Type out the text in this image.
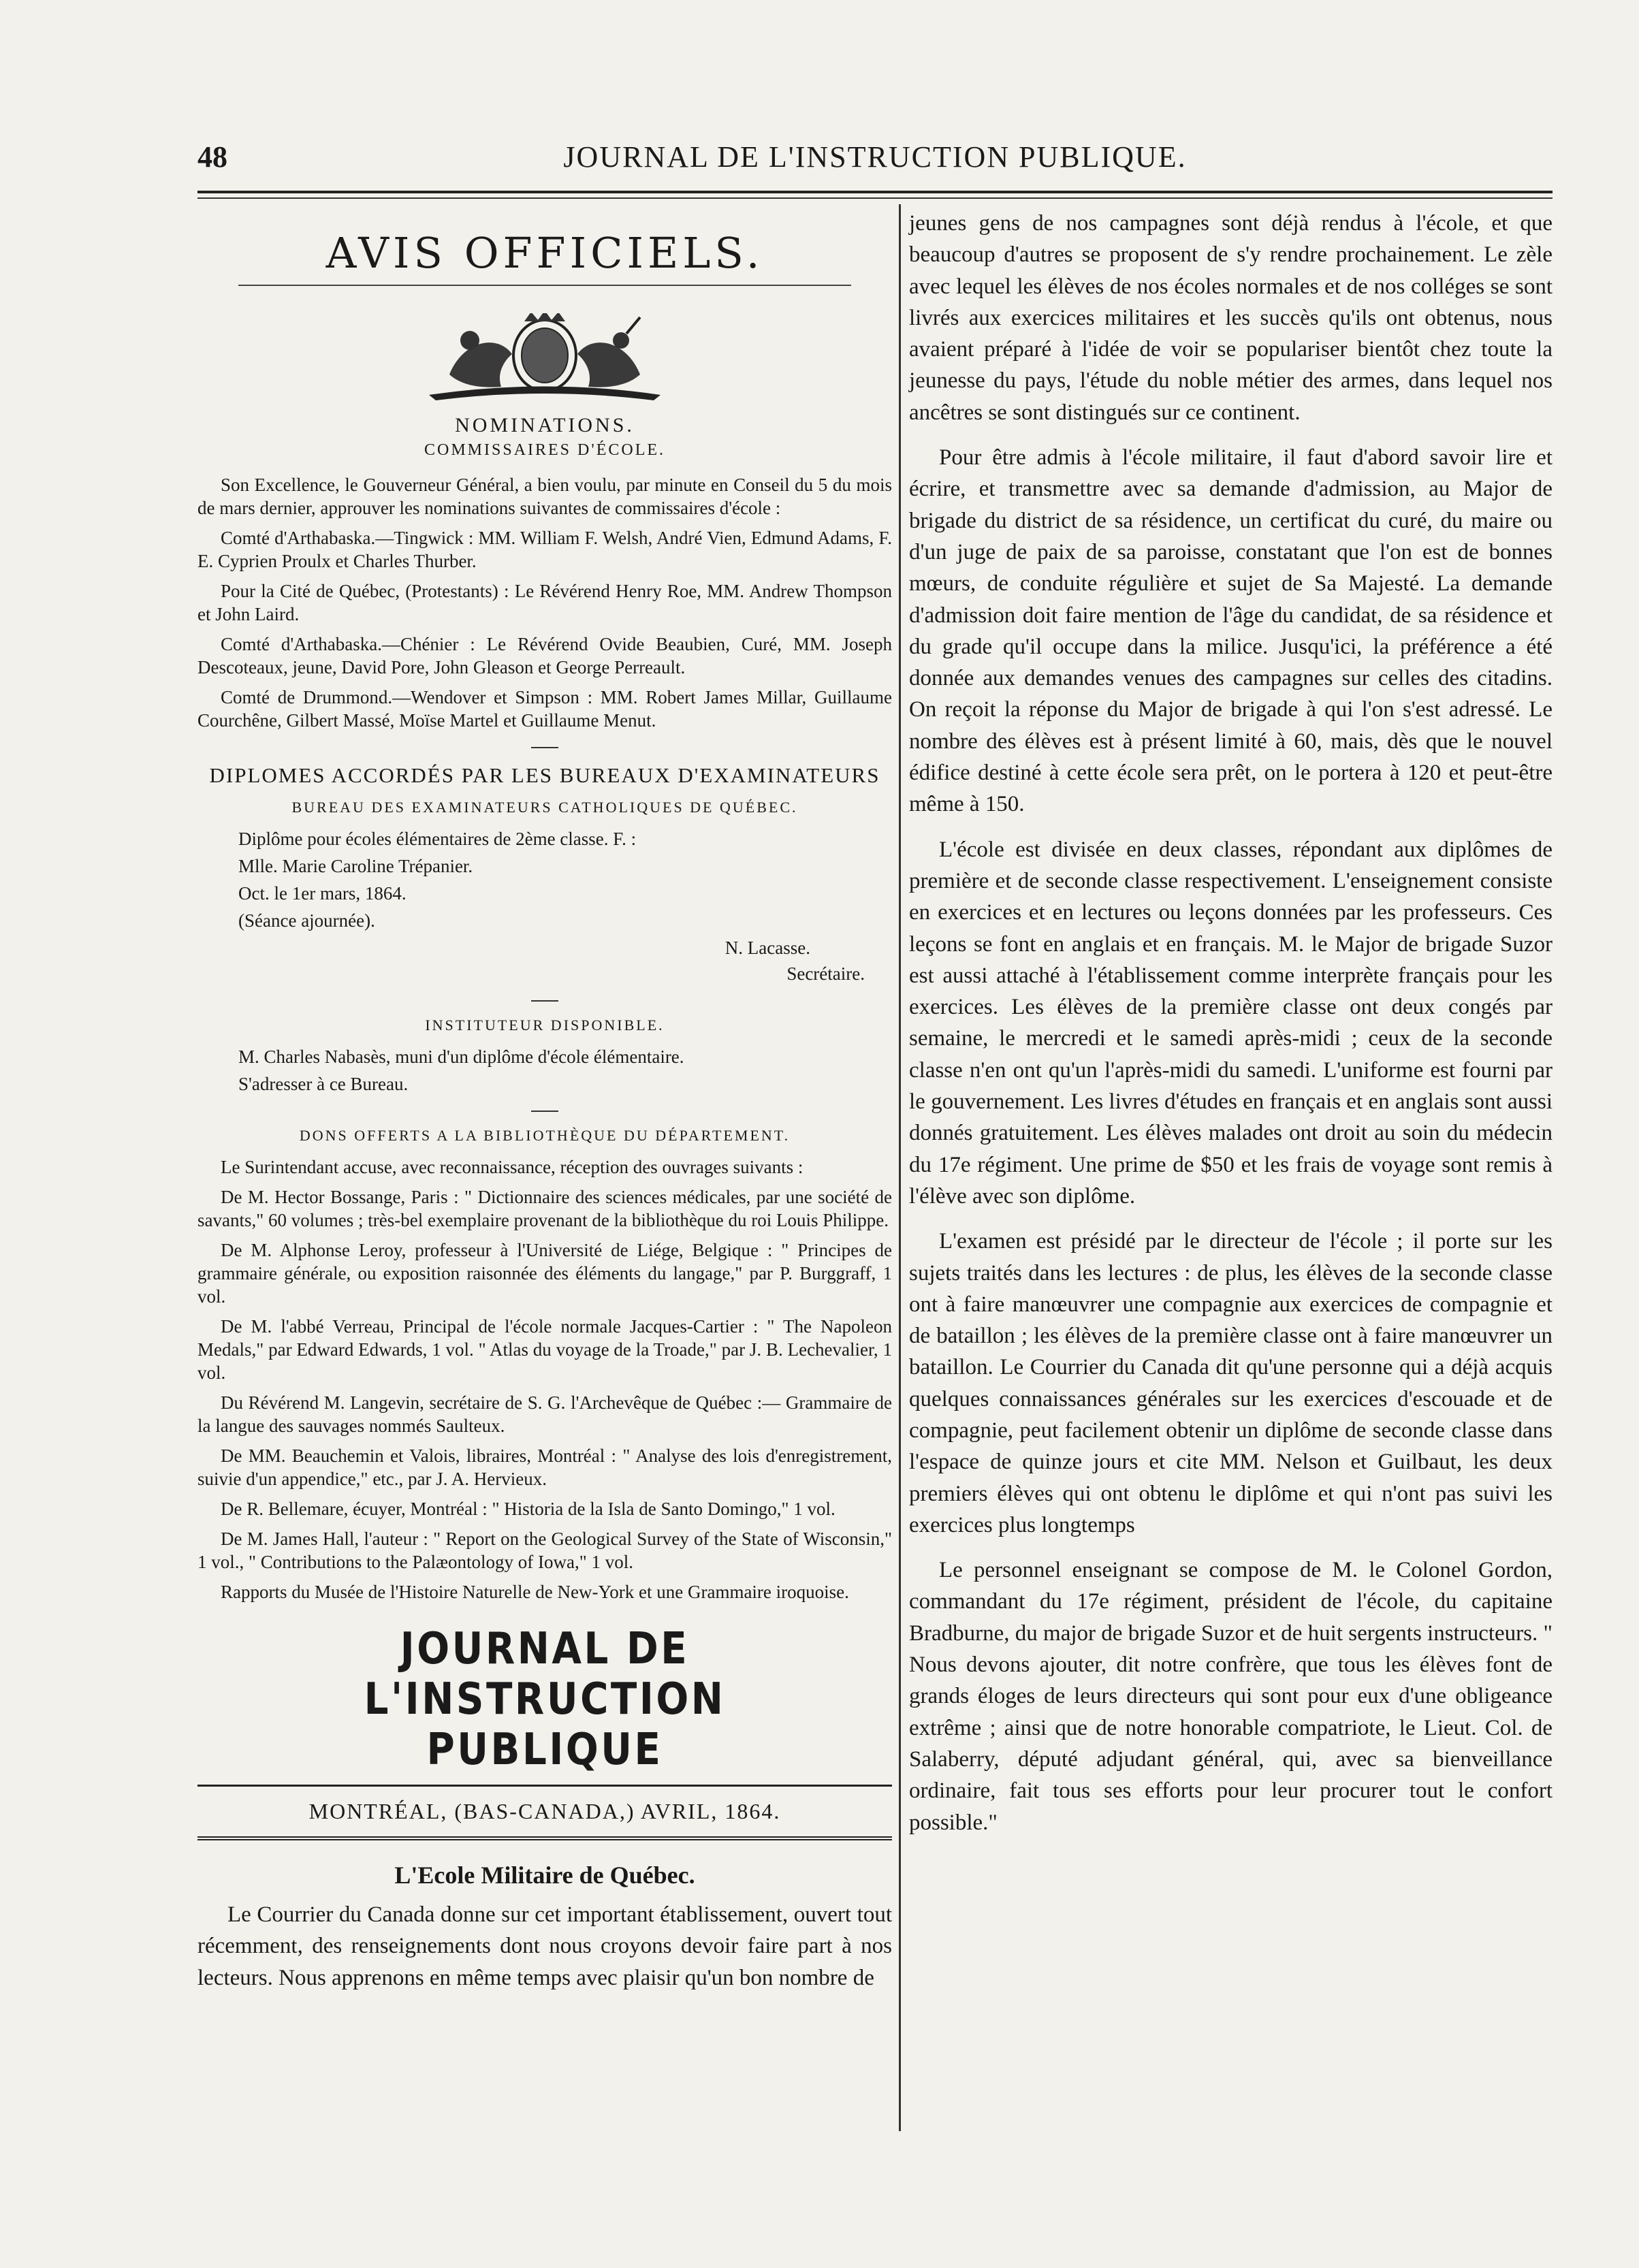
48	JOURNAL DE L'INSTRUCTION PUBLIQUE.
AVIS OFFICIELS.
NOMINATIONS.
COMMISSAIRES D'ÉCOLE.

Son Excellence, le Gouverneur Général, a bien voulu, par minute en Conseil du 5 du mois de mars dernier, approuver les nominations suivantes de commissaires d'école :

Comté d'Arthabaska.—Tingwick : MM. William F. Welsh, André Vien, Edmund Adams, F. E. Cyprien Proulx et Charles Thurber.

Pour la Cité de Québec, (Protestants) : Le Révérend Henry Roe, MM. Andrew Thompson et John Laird.

Comté d'Arthabaska.—Chénier : Le Révérend Ovide Beaubien, Curé, MM. Joseph Descoteaux, jeune, David Pore, John Gleason et George Perreault.

Comté de Drummond.—Wendover et Simpson : MM. Robert James Millar, Guillaume Courchêne, Gilbert Massé, Moïse Martel et Guillaume Menut.

DIPLOMES ACCORDÉS PAR LES BUREAUX D'EXAMINATEURS
BUREAU DES EXAMINATEURS CATHOLIQUES DE QUÉBEC.
Diplôme pour écoles élémentaires de 2ème classe. F. :
Mlle. Marie Caroline Trépanier.
Oct. le 1er mars, 1864.
(Séance ajournée).
N. Lacasse.
Secrétaire.
INSTITUTEUR DISPONIBLE.
M. Charles Nabasès, muni d'un diplôme d'école élémentaire.
S'adresser à ce Bureau.
DONS OFFERTS A LA BIBLIOTHÈQUE DU DÉPARTEMENT.

Le Surintendant accuse, avec reconnaissance, réception des ouvrages suivants :

De M. Hector Bossange, Paris : " Dictionnaire des sciences médicales, par une société de savants," 60 volumes ; très-bel exemplaire provenant de la bibliothèque du roi Louis Philippe.

De M. Alphonse Leroy, professeur à l'Université de Liége, Belgique : " Principes de grammaire générale, ou exposition raisonnée des éléments du langage," par P. Burggraff, 1 vol.

De M. l'abbé Verreau, Principal de l'école normale Jacques-Cartier : " The Napoleon Medals," par Edward Edwards, 1 vol. " Atlas du voyage de la Troade," par J. B. Lechevalier, 1 vol.

Du Révérend M. Langevin, secrétaire de S. G. l'Archevêque de Québec :— Grammaire de la langue des sauvages nommés Saulteux.

De MM. Beauchemin et Valois, libraires, Montréal : " Analyse des lois d'enregistrement, suivie d'un appendice," etc., par J. A. Hervieux.

De R. Bellemare, écuyer, Montréal : " Historia de la Isla de Santo Domingo," 1 vol.

De M. James Hall, l'auteur : " Report on the Geological Survey of the State of Wisconsin," 1 vol., " Contributions to the Palæontology of Iowa," 1 vol.

Rapports du Musée de l'Histoire Naturelle de New-York et une Grammaire iroquoise.

JOURNAL DE L'INSTRUCTION PUBLIQUE
MONTRÉAL, (BAS-CANADA,) AVRIL, 1864.
L'Ecole Militaire de Québec.

Le Courrier du Canada donne sur cet important établissement, ouvert tout récemment, des renseignements dont nous croyons devoir faire part à nos lecteurs. Nous apprenons en même temps avec plaisir qu'un bon nombre de

jeunes gens de nos campagnes sont déjà rendus à l'école, et que beaucoup d'autres se proposent de s'y rendre prochainement. Le zèle avec lequel les élèves de nos écoles normales et de nos colléges se sont livrés aux exercices militaires et les succès qu'ils ont obtenus, nous avaient préparé à l'idée de voir se populariser bientôt chez toute la jeunesse du pays, l'étude du noble métier des armes, dans lequel nos ancêtres se sont distingués sur ce continent.

Pour être admis à l'école militaire, il faut d'abord savoir lire et écrire, et transmettre avec sa demande d'admission, au Major de brigade du district de sa résidence, un certificat du curé, du maire ou d'un juge de paix de sa paroisse, constatant que l'on est de bonnes mœurs, de conduite régulière et sujet de Sa Majesté. La demande d'admission doit faire mention de l'âge du candidat, de sa résidence et du grade qu'il occupe dans la milice. Jusqu'ici, la préférence a été donnée aux demandes venues des campagnes sur celles des citadins. On reçoit la réponse du Major de brigade à qui l'on s'est adressé. Le nombre des élèves est à présent limité à 60, mais, dès que le nouvel édifice destiné à cette école sera prêt, on le portera à 120 et peut-être même à 150.

L'école est divisée en deux classes, répondant aux diplômes de première et de seconde classe respectivement. L'enseignement consiste en exercices et en lectures ou leçons données par les professeurs. Ces leçons se font en anglais et en français. M. le Major de brigade Suzor est aussi attaché à l'établissement comme interprète français pour les exercices. Les élèves de la première classe ont deux congés par semaine, le mercredi et le samedi après-midi ; ceux de la seconde classe n'en ont qu'un l'après-midi du samedi. L'uniforme est fourni par le gouvernement. Les livres d'études en français et en anglais sont aussi donnés gratuitement. Les élèves malades ont droit au soin du médecin du 17e régiment. Une prime de $50 et les frais de voyage sont remis à l'élève avec son diplôme.

L'examen est présidé par le directeur de l'école ; il porte sur les sujets traités dans les lectures : de plus, les élèves de la seconde classe ont à faire manœuvrer une compagnie aux exercices de compagnie et de bataillon ; les élèves de la première classe ont à faire manœuvrer un bataillon. Le Courrier du Canada dit qu'une personne qui a déjà acquis quelques connaissances générales sur les exercices d'escouade et de compagnie, peut facilement obtenir un diplôme de seconde classe dans l'espace de quinze jours et cite MM. Nelson et Guilbaut, les deux premiers élèves qui ont obtenu le diplôme et qui n'ont pas suivi les exercices plus longtemps

Le personnel enseignant se compose de M. le Colonel Gordon, commandant du 17e régiment, président de l'école, du capitaine Bradburne, du major de brigade Suzor et de huit sergents instructeurs. " Nous devons ajouter, dit notre confrère, que tous les élèves font de grands éloges de leurs directeurs qui sont pour eux d'une obligeance extrême ; ainsi que de notre honorable compatriote, le Lieut. Col. de Salaberry, député adjudant général, qui, avec sa bienveillance ordinaire, fait tous ses efforts pour leur procurer tout le confort possible."
